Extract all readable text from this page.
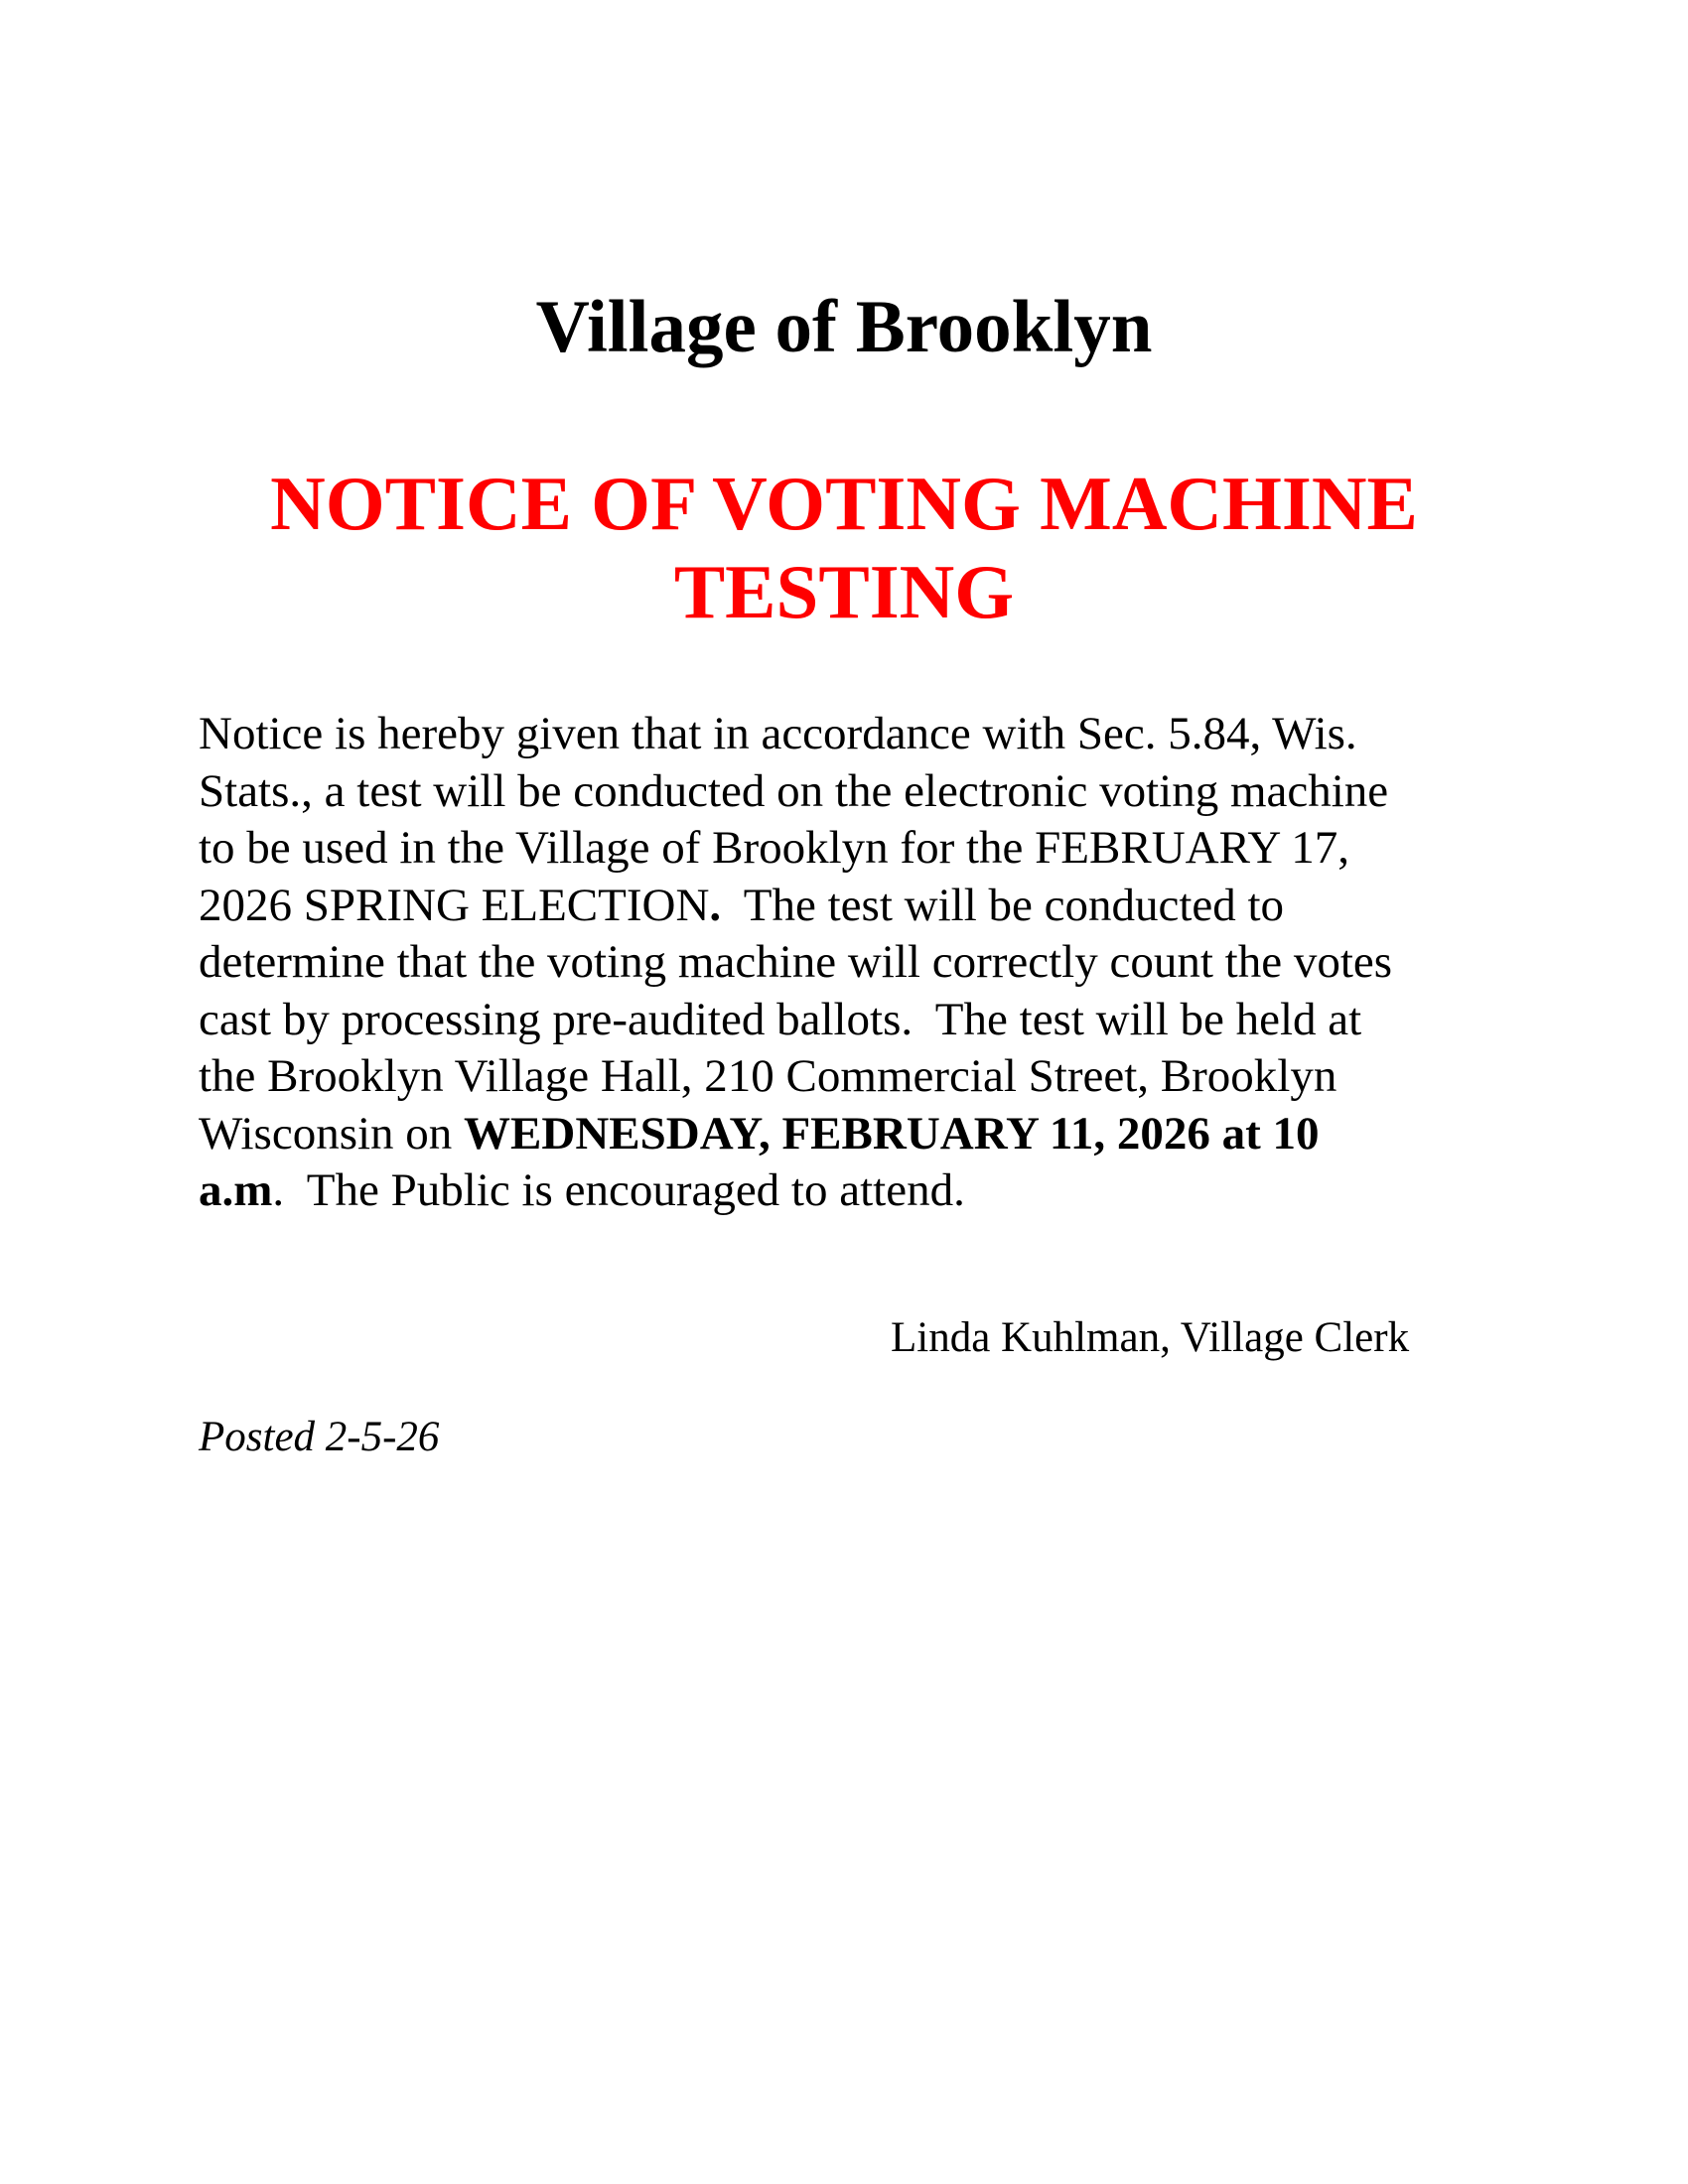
Village of Brooklyn
NOTICE OF VOTING MACHINE
TESTING

Notice is hereby given that in accordance with Sec. 5.84, Wis.
Stats., a test will be conducted on the electronic voting machine
to be used in the Village of Brooklyn for the FEBRUARY 17,
2026 SPRING ELECTION.  The test will be conducted to
determine that the voting machine will correctly count the votes
cast by processing pre-audited ballots.  The test will be held at
the Brooklyn Village Hall, 210 Commercial Street, Brooklyn
Wisconsin on WEDNESDAY, FEBRUARY 11, 2026 at 10
a.m.  The Public is encouraged to attend.

Linda Kuhlman, Village Clerk

Posted 2-5-26
